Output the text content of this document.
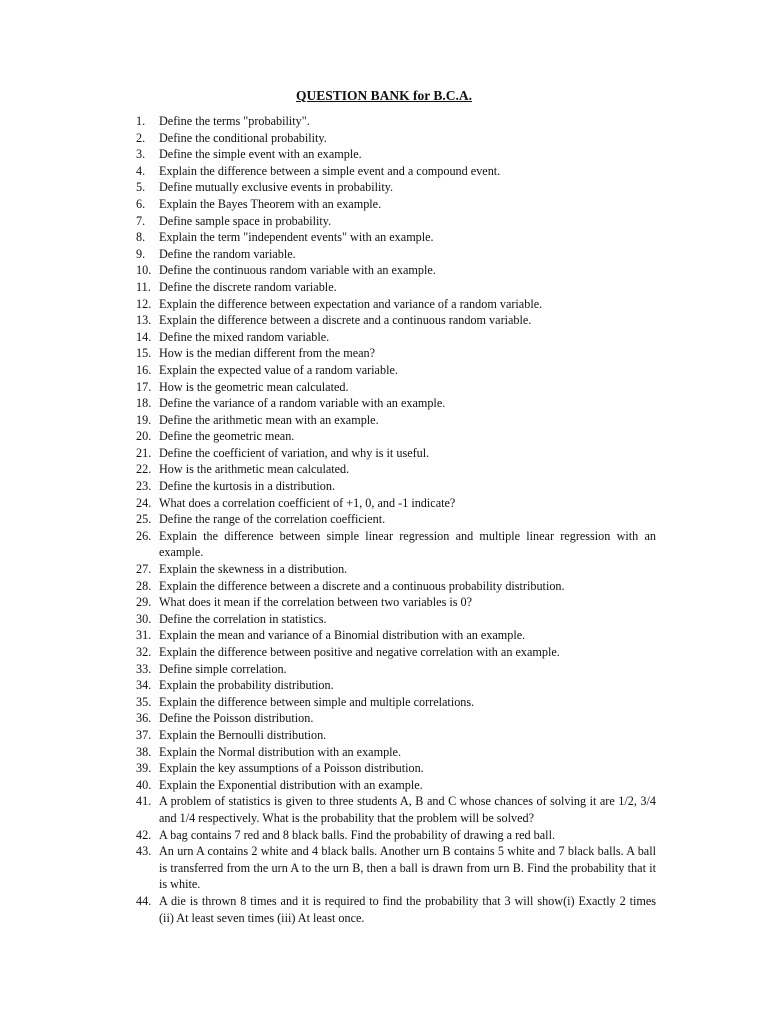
QUESTION BANK for B.C.A.
1. Define the terms "probability".
2. Define the conditional probability.
3. Define the simple event with an example.
4. Explain the difference between a simple event and a compound event.
5. Define mutually exclusive events in probability.
6. Explain the Bayes Theorem with an example.
7. Define sample space in probability.
8. Explain the term "independent events" with an example.
9. Define the random variable.
10. Define the continuous random variable with an example.
11. Define the discrete random variable.
12. Explain the difference between expectation and variance of a random variable.
13. Explain the difference between a discrete and a continuous random variable.
14. Define the mixed random variable.
15. How is the median different from the mean?
16. Explain the expected value of a random variable.
17. How is the geometric mean calculated.
18. Define the variance of a random variable with an example.
19. Define the arithmetic mean with an example.
20. Define the geometric mean.
21. Define the coefficient of variation, and why is it useful.
22. How is the arithmetic mean calculated.
23. Define the kurtosis in a distribution.
24. What does a correlation coefficient of +1, 0, and -1 indicate?
25. Define the range of the correlation coefficient.
26. Explain the difference between simple linear regression and multiple linear regression with an example.
27. Explain the skewness in a distribution.
28. Explain the difference between a discrete and a continuous probability distribution.
29. What does it mean if the correlation between two variables is 0?
30. Define the correlation in statistics.
31. Explain the mean and variance of a Binomial distribution with an example.
32. Explain the difference between positive and negative correlation with an example.
33. Define simple correlation.
34. Explain the probability distribution.
35. Explain the difference between simple and multiple correlations.
36. Define the Poisson distribution.
37. Explain the Bernoulli distribution.
38. Explain the Normal distribution with an example.
39. Explain the key assumptions of a Poisson distribution.
40. Explain the Exponential distribution with an example.
41. A problem of statistics is given to three students A, B and C whose chances of solving it are 1/2, 3/4 and 1/4 respectively. What is the probability that the problem will be solved?
42. A bag contains 7 red and 8 black balls. Find the probability of drawing a red ball.
43. An urn A contains 2 white and 4 black balls. Another urn B contains 5 white and 7 black balls. A ball is transferred from the urn A to the urn B, then a ball is drawn from urn B. Find the probability that it is white.
44. A die is thrown 8 times and it is required to find the probability that 3 will show(i) Exactly 2 times (ii) At least seven times (iii) At least once.
